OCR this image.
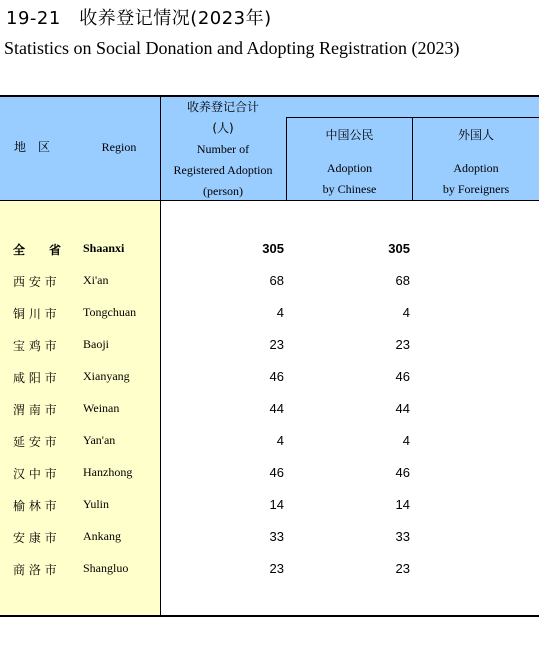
19-21　收养登记情况(2023年)
Statistics on Social Donation and Adopting Registration (2023)
地　区	Region
收养登记合计
(人)
Number of
Registered Adoption
(person)
中国公民
Adoption
by Chinese
外国人
Adoption
by Foreigners
全　　省	Shaanxi	305	305
西 安 市	Xi'an	68	68
铜 川 市	Tongchuan	4	4
宝 鸡 市	Baoji	23	23
咸 阳 市	Xianyang	46	46
渭 南 市	Weinan	44	44
延 安 市	Yan'an	4	4
汉 中 市	Hanzhong	46	46
榆 林 市	Yulin	14	14
安 康 市	Ankang	33	33
商 洛 市	Shangluo	23	23
